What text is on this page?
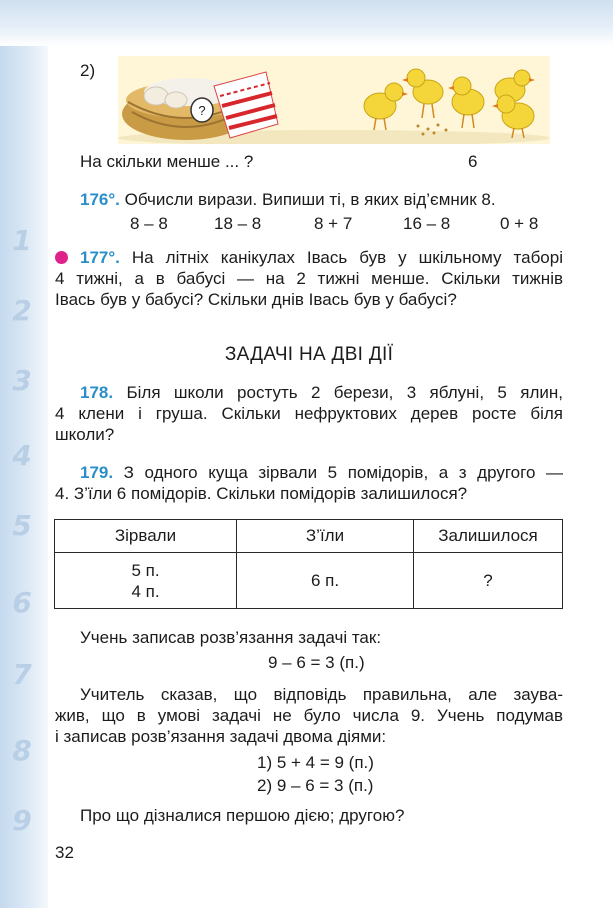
1
2
3
4
5
6
7
8
9
2)
?
На скільки менше ... ?	6
176°. Обчисли вирази. Випиши ті, в яких від’ємник 8.
8 – 8	18 – 8	8 + 7	16 – 8	0 + 8
177°. На літніх канікулах Івась був у шкільному таборі
4 тижні, а в бабусі — на 2 тижні менше. Скільки тижнів
Івась був у бабусі? Скільки днів Івась був у бабусі?
ЗАДАЧІ НА ДВІ ДІЇ
178. Біля школи ростуть 2 берези, 3 яблуні, 5 ялин,
4 клени і груша. Скільки нефруктових дерев росте біля
школи?
179. З одного куща зірвали 5 помідорів, а з другого —
4. З’їли 6 помідорів. Скільки помідорів залишилося?
Зірвали	З’їли	Залишилося

5 п.
4 п.	6 п.	?
Учень записав розв’язання задачі так:
9 – 6 = 3 (п.)
Учитель сказав, що відповідь правильна, але заува-
жив, що в умові задачі не було числа 9. Учень подумав
і записав розв’язання задачі двома діями:
1) 5 + 4 = 9 (п.)
2) 9 – 6 = 3 (п.)
Про що дізналися першою дією; другою?
32
